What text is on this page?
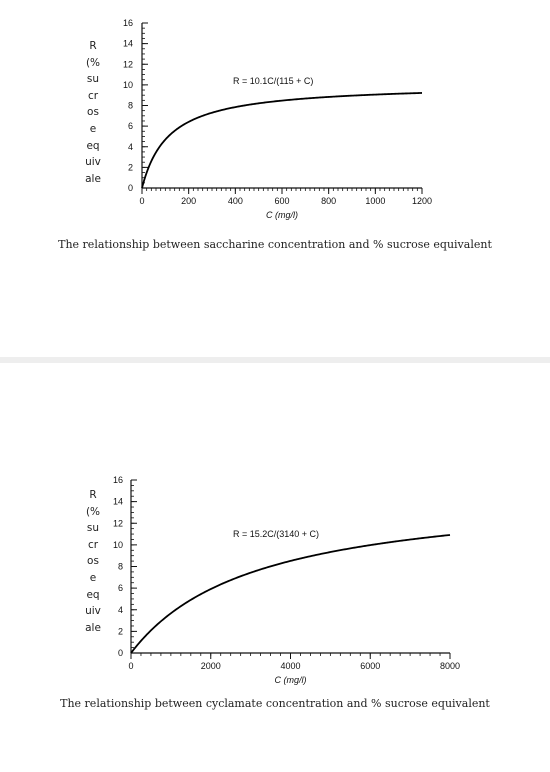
R
(%
su
cr
os
e
eq
uiv
ale
0	200	400	600	800	1000	1200
0
2
4
6
8
10
12
14
16
C (mg/l)
R = 10.1C/(115 + C)
The relationship between saccharine concentration and % sucrose equivalent
R
(%
su
cr
os
e
eq
uiv
ale
0	2000	4000	6000	8000
0
2
4
6
8
10
12
14
16
C (mg/l)
R = 15.2C/(3140 + C)
The relationship between cyclamate concentration and % sucrose equivalent
